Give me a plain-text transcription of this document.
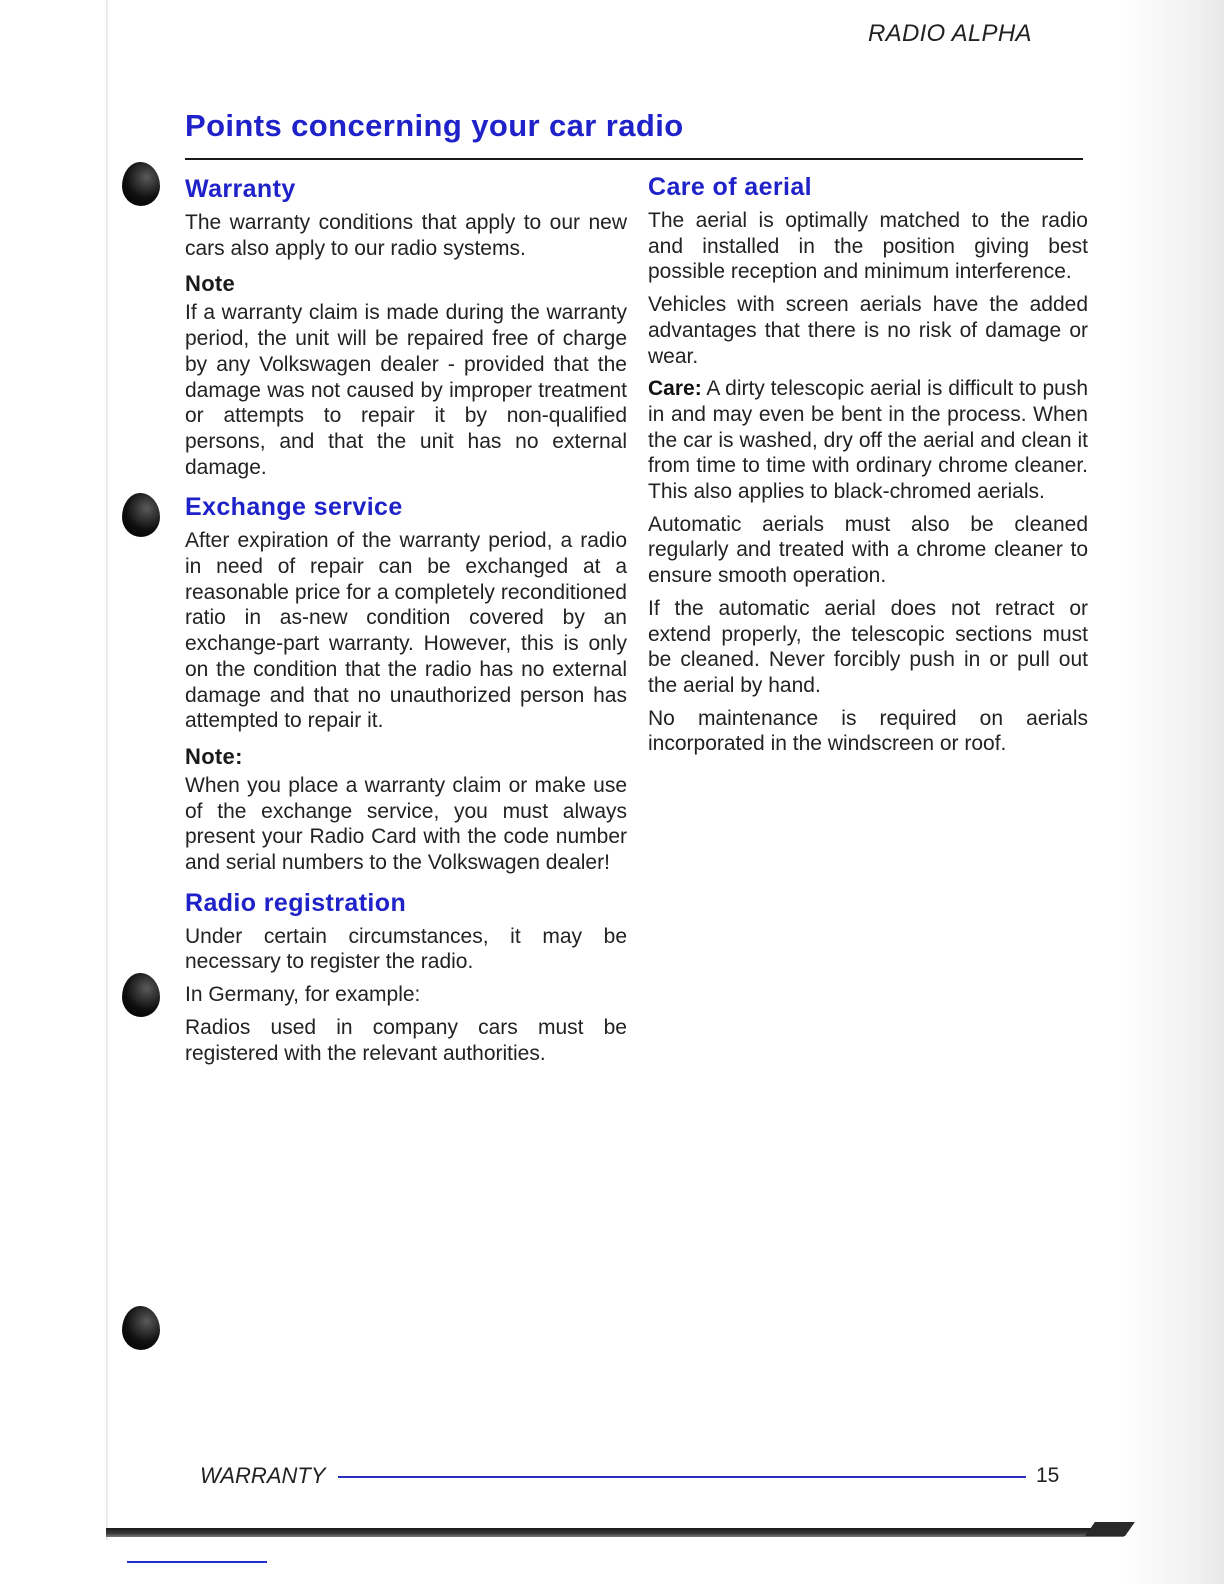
RADIO ALPHA
Points concerning your car radio
Warranty

The warranty conditions that apply to our new cars also apply to our radio systems.

Note

If a warranty claim is made during the warranty period, the unit will be repaired free of charge by any Volkswagen dealer - provided that the damage was not caused by improper treatment or attempts to repair it by non-qualified persons, and that the unit has no external damage.

Exchange service

After expiration of the warranty period, a radio in need of repair can be exchanged at a reasonable price for a completely reconditioned ratio in as-new condition covered by an exchange-part warranty. However, this is only on the condition that the radio has no external damage and that no unauthorized person has attempted to repair it.

Note:

When you place a warranty claim or make use of the exchange service, you must always present your Radio Card with the code number and serial numbers to the Volkswagen dealer!

Radio registration

Under certain circumstances, it may be necessary to register the radio.

In Germany, for example:

Radios used in company cars must be registered with the relevant authorities.

Care of aerial

The aerial is optimally matched to the radio and installed in the position giving best possible reception and minimum interference.

Vehicles with screen aerials have the added advantages that there is no risk of damage or wear.

Care: A dirty telescopic aerial is difficult to push in and may even be bent in the process. When the car is washed, dry off the aerial and clean it from time to time with ordinary chrome cleaner. This also applies to black-chromed aerials.

Automatic aerials must also be cleaned regularly and treated with a chrome cleaner to ensure smooth operation.

If the automatic aerial does not retract or extend properly, the telescopic sections must be cleaned. Never forcibly push in or pull out the aerial by hand.

No maintenance is required on aerials incorporated in the windscreen or roof.

WARRANTY	15
